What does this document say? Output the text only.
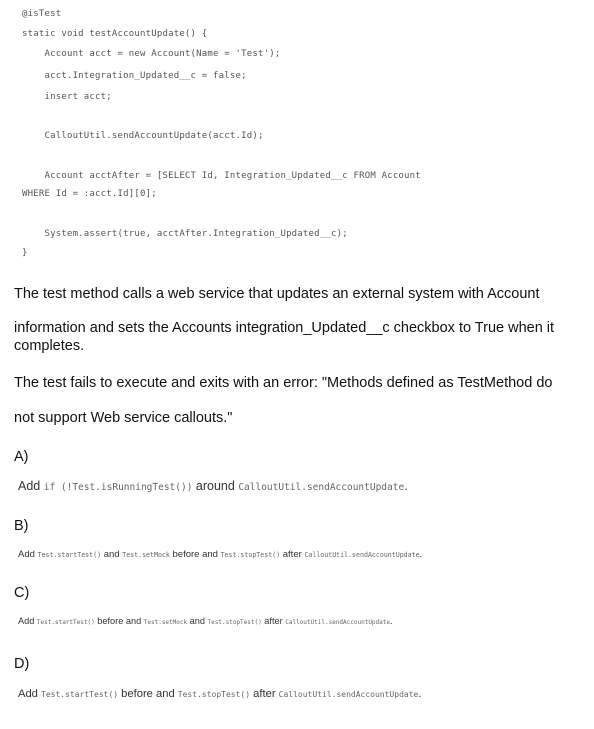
@isTest
static void testAccountUpdate() {
Account acct = new Account(Name = 'Test');
acct.Integration_Updated__c = false;
insert acct;
CalloutUtil.sendAccountUpdate(acct.Id);
Account acctAfter = [SELECT Id, Integration_Updated__c FROM Account
WHERE Id = :acct.Id][0];
System.assert(true, acctAfter.Integration_Updated__c);
}

The test method calls a web service that updates an external system with Account

information and sets the Accounts integration_Updated__c checkbox to True when it completes.

The test fails to execute and exits with an error: "Methods defined as TestMethod do

not support Web service callouts."

A)

Add if (!Test.isRunningTest()) around CalloutUtil.sendAccountUpdate.

B)

Add Test.startTest() and Test.setMock before and Test.stopTest() after CalloutUtil.sendAccountUpdate.

C)

Add Test.startTest() before and Test.setMock and Test.stopTest() after CalloutUtil.sendAccountUpdate.

D)

Add Test.startTest() before and Test.stopTest() after CalloutUtil.sendAccountUpdate.
